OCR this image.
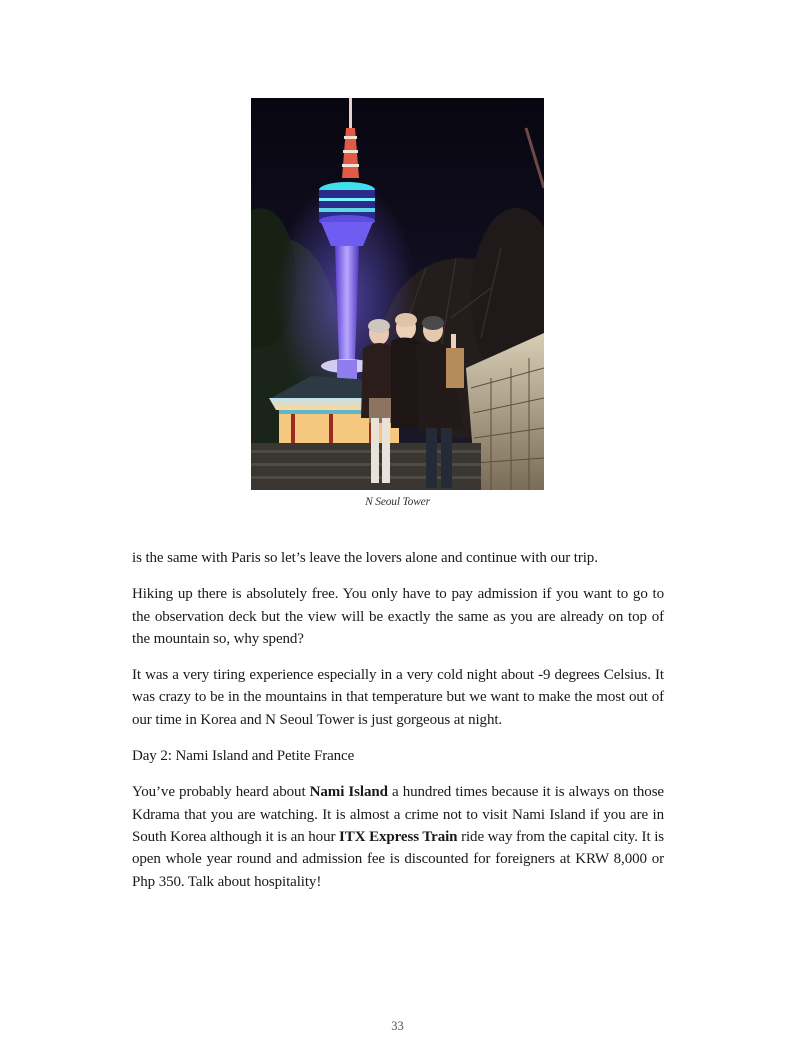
N Seoul Tower

is the same with Paris so let’s leave the lovers alone and continue with our trip.

Hiking up there is absolutely free. You only have to pay admission if you want to go to the observation deck but the view will be exactly the same as you are already on top of the mountain so, why spend?

It was a very tiring experience especially in a very cold night about -9 degrees Celsius. It was crazy to be in the mountains in that temperature but we want to make the most out of our time in Korea and N Seoul Tower is just gorgeous at night.

Day 2: Nami Island and Petite France

You’ve probably heard about Nami Island a hundred times because it is always on those Kdrama that you are watching. It is almost a crime not to visit Nami Island if you are in South Korea although it is an hour ITX Express Train ride way from the capital city. It is open whole year round and admission fee is discounted for foreigners at KRW 8,000 or Php 350. Talk about hospitality!

33
